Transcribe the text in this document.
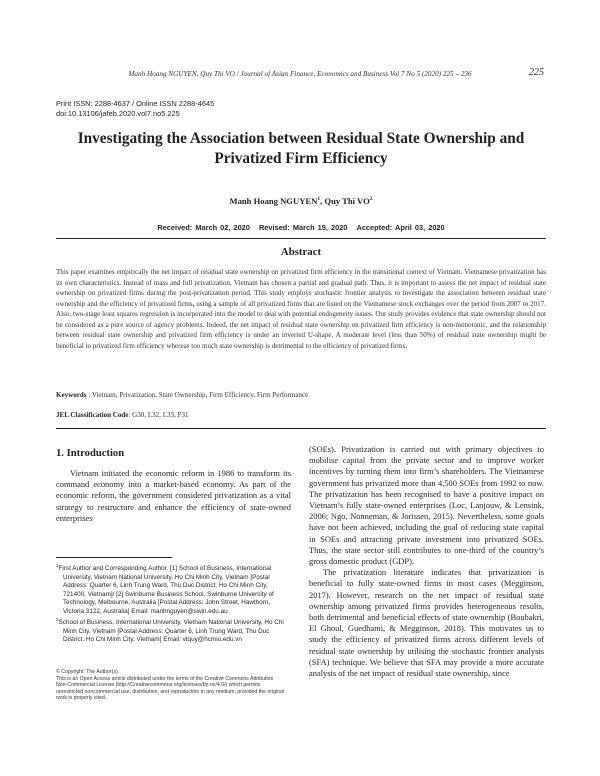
Manh Hoang NGUYEN, Quy Thi VO / Journal of Asian Finance, Economics and Business Vol 7 No 5 (2020) 225 – 236	225
Print ISSN: 2288-4637 / Online ISSN 2288-4645
doi:10.13106/jafeb.2020.vol7.no5.225
Investigating the Association between Residual State Ownership and
Privatized Firm Efficiency
Manh Hoang NGUYEN$^1$, Quy Thi $VO^2$
Received: March 02, 2020 Revised: March 15, 2020 Accepted: April 03, 2020
Abstract
This paper examines empirically the net impact of residual state ownership on privatized firm efficiency in the transitional context of Vietnam. Vietnamese privatization has its own characteristics. Instead of mass and full privatization, Vietnam has chosen a partial and gradual path. Thus, it is important to assess the net impact of residual state ownership on privatized firms during the post-privatization period. This study employs stochastic frontier analysis to investigate the association between residual state ownership and the efficiency of privatized firms, using a sample of all privatized firms that are listed on the Vietnamese stock exchanges over the period from 2007 to 2017. Also, two-stage least squares regression is incorporated into the model to deal with potential endogeneity issues. Our study provides evidence that state ownership should not be considered as a pure source of agency problems. Indeed, the net impact of residual state ownership on privatized firm efficiency is non-monotonic, and the relationship between residual state ownership and privatized firm efficiency is under an inverted U-shape. A moderate level (less than 50%) of residual state ownership might be beneficial to privatized firm efficiency whereas too much state ownership is detrimental to the efficiency of privatized firms.
Keywords : Vietnam, Privatization, State Ownership, Firm Efficiency, Firm Performance
JEL Classification Code: G30, L32, L33, P31
1. Introduction

Vietnam initiated the economic reform in 1986 to transform its command economy into a market-based economy. As part of the economic reform, the government considered privatization as a vital strategy to restructure and enhance the efficiency of state-owned enterprises

(SOEs). Privatization is carried out with primary objectives to mobilise capital from the private sector and to improve worker incentives by turning them into firm’s shareholders. The Vietnamese government has privatized more than 4,500 SOEs from 1992 to now. The privatization has been recognised to have a positive impact on Vietnam’s fully state-owned enterprises (Loc, Lanjouw, & Lensink, 2006; Ngo, Nonneman, & Jorissen, 2015). Nevertheless, some goals have not been achieved, including the goal of reducing state capital in SOEs and attracting private investment into privatized SOEs. Thus, the state sector still contributes to one-third of the country’s gross domestic product (GDP).

The privatization literature indicates that privatization is beneficial to fully state-owned firms in most cases (Megginson, 2017). However, research on the net impact of residual state ownership among privatized firms provides heterogeneous results, both detrimental and beneficial effects of state ownership (Boubakri, El Ghoul, Guedhami, & Megginson, 2018). This motivates us to study the efficiency of privatized firms across different levels of residual state ownership by utilising the stochastic frontier analysis (SFA) technique. We believe that SFA may provide a more accurate analysis of the net impact of residual state ownership, since

$^1$First Author and Corresponding Author. [1] School of Business, International University, Vietnam National University, Ho Chi Minh City, Vietnam [Postal Address: Quarter 6, Linh Trung Ward, Thu Duc District, Ho Chi Minh City, 721400, Vietnam]/ [2] Swinburne Business School, Swinburne University of Technology, Melbourne, Australia [Postal Address: John Street, Hawthorn, Victoria 3122, Australia] Email: manhnguyen@swin.edu.au

$^2$School of Business, International University, Vietnam National University, Ho Chi Minh City, Vietnam [Postal Address: Quarter 6, Linh Trung Ward, Thu Duc District, Ho Chi Minh City, Vietnam] Email: vtquy@hcmiu.edu.vn

© Copyright: The Author(s).

This is an Open Access article distributed under the terms of the Creative Commons Attribution Non-Commercial License (http://Creativecommons.org/licenses/by-nc/4.0/) which permits unrestricted noncommercial use, distribution, and reproduction in any medium, provided the original work is properly cited.
